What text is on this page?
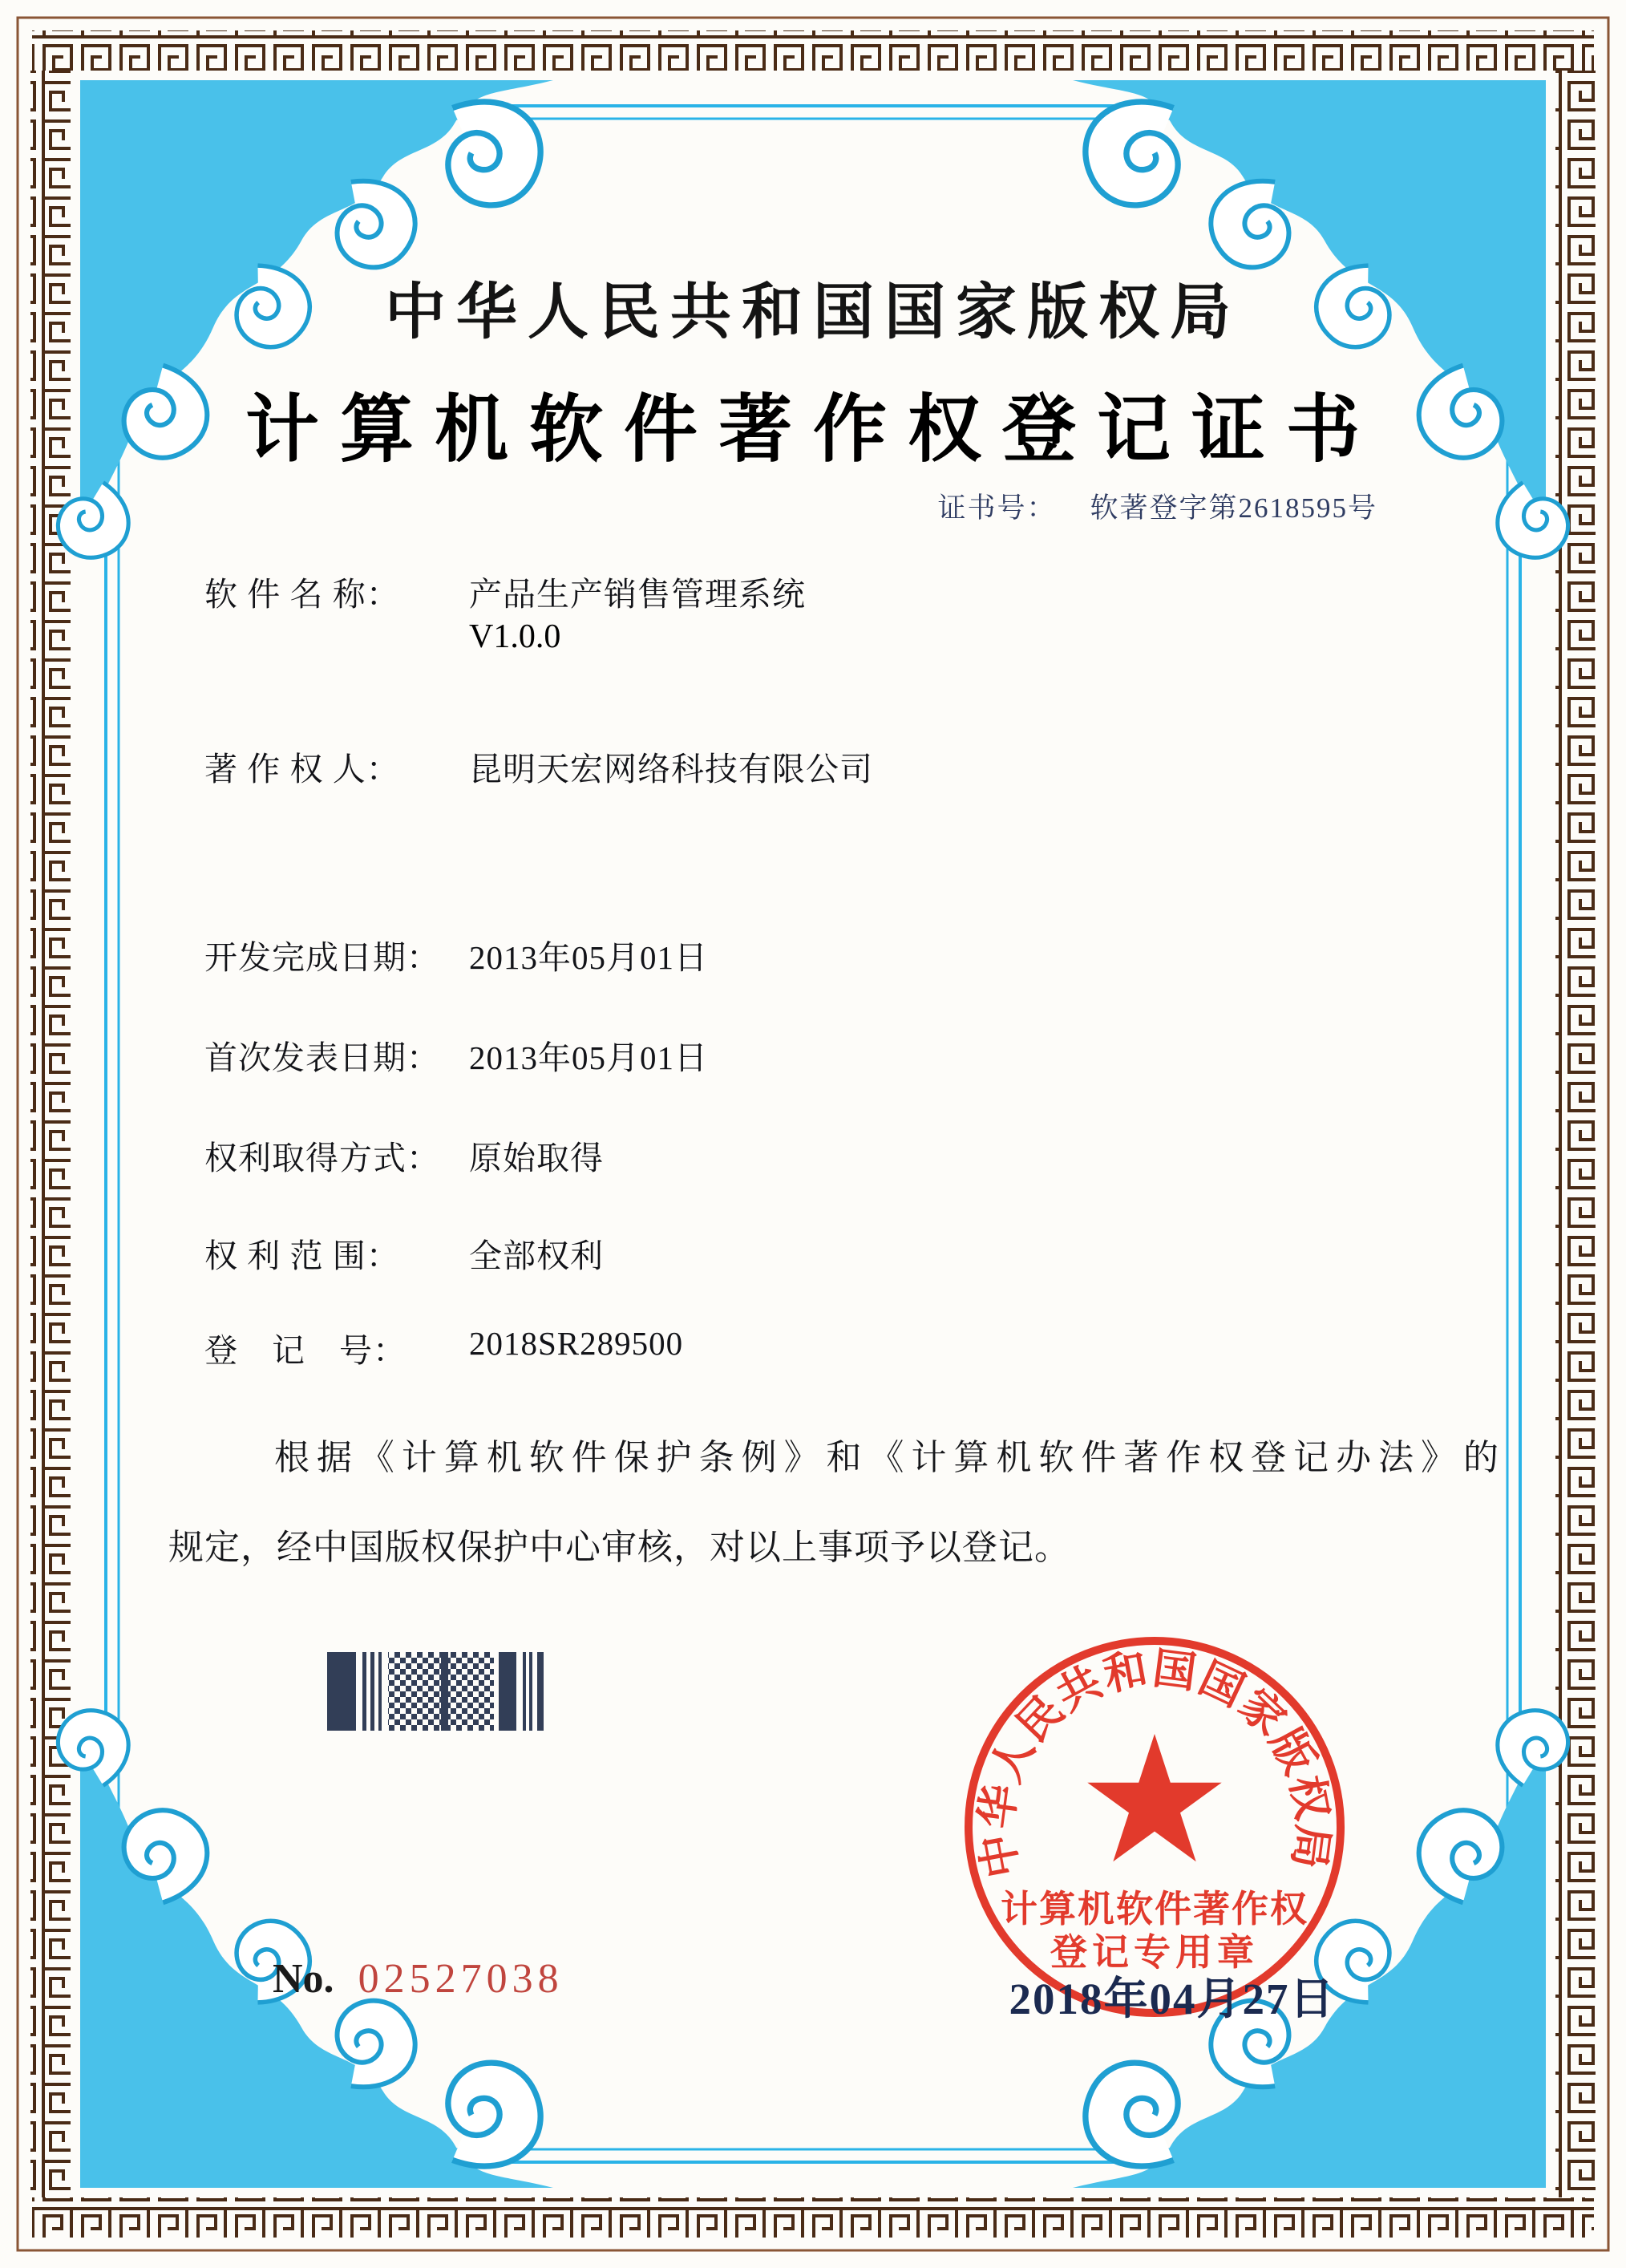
中华人民共和国国家版权局
计算机软件著作权登记证书
证书号： 软著登字第2618595号
软 件 名 称： 产品生产销售管理系统
V1.0.0
著 作 权 人： 昆明天宏网络科技有限公司
开发完成日期： 2013年05月01日
首次发表日期： 2013年05月01日
权利取得方式： 原始取得
权 利 范 围： 全部权利
登　记　号： 2018SR289500
根据《计算机软件保护条例》和《计算机软件著作权登记办法》的
规定，经中国版权保护中心审核，对以上事项予以登记。
中华人民共和国国家版权局
计算机软件著作权
登记专用章
2018年04月27日
No. 02527038
